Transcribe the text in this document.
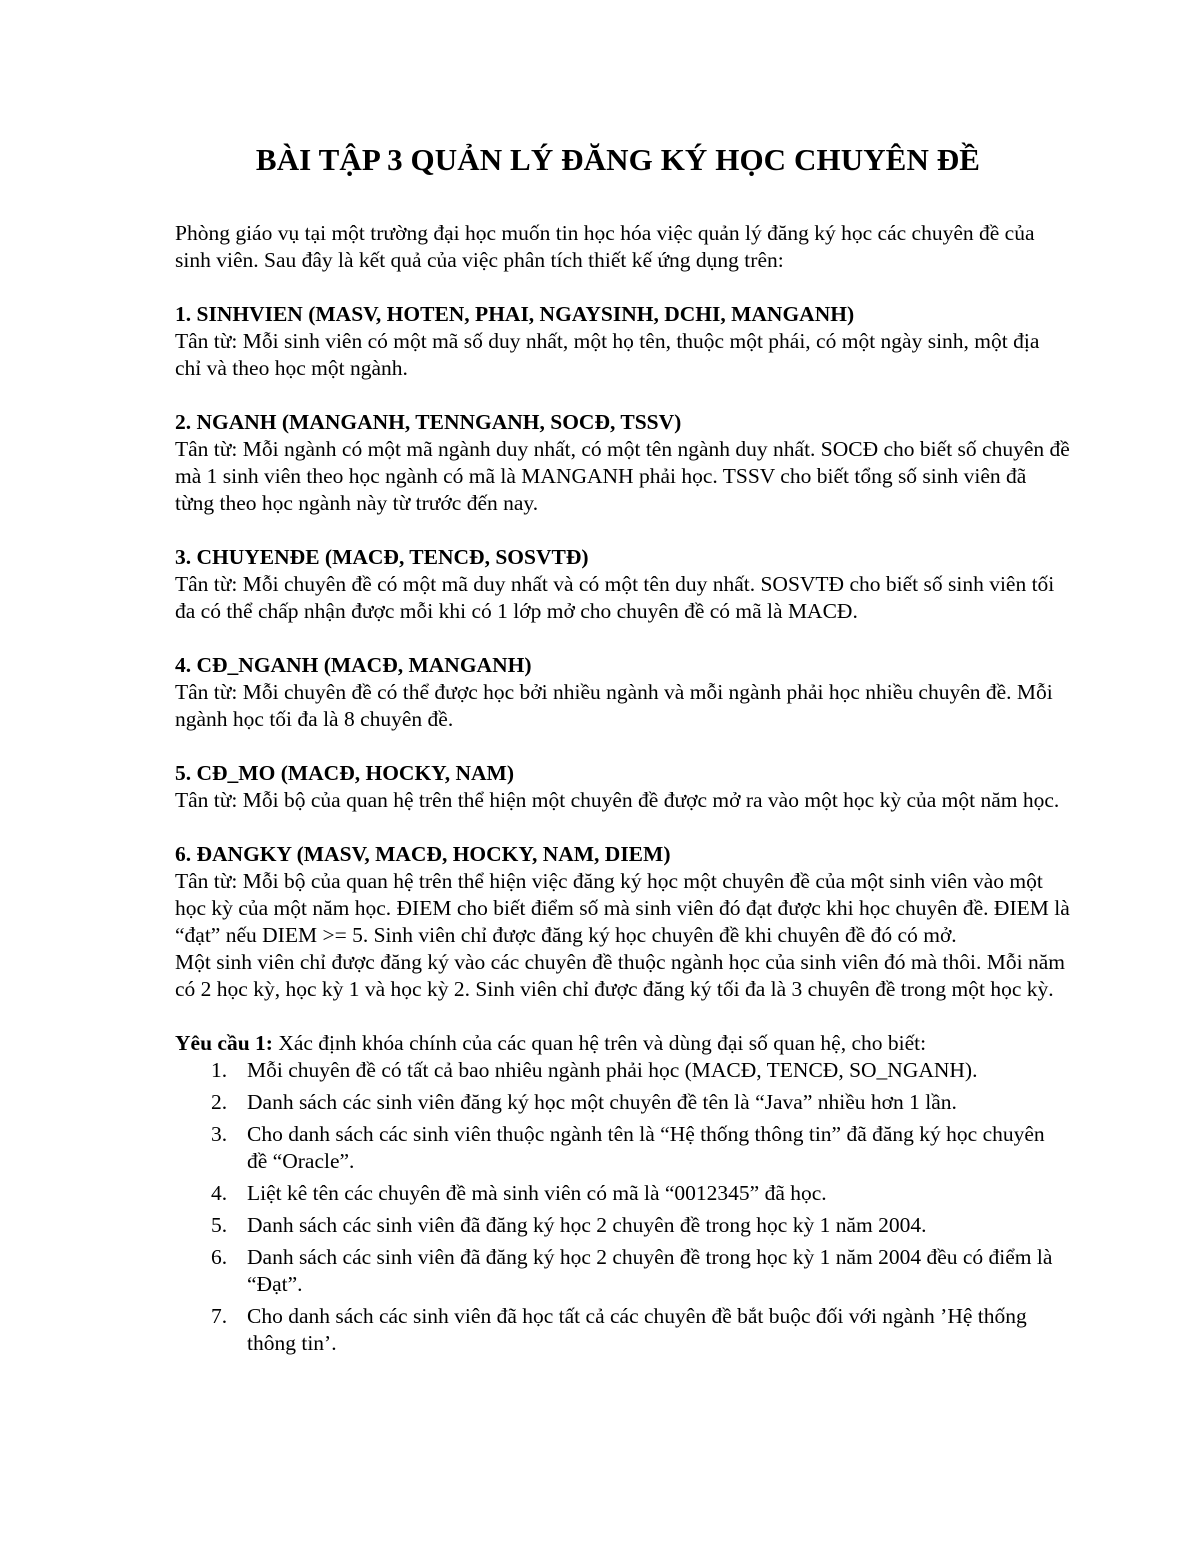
BÀI TẬP 3 QUẢN LÝ ĐĂNG KÝ HỌC CHUYÊN ĐỀ

Phòng giáo vụ tại một trường đại học muốn tin học hóa việc quản lý đăng ký học các chuyên đề của sinh viên. Sau đây là kết quả của việc phân tích thiết kế ứng dụng trên:

1. SINHVIEN (MASV, HOTEN, PHAI, NGAYSINH, DCHI, MANGANH)

Tân từ: Mỗi sinh viên có một mã số duy nhất, một họ tên, thuộc một phái, có một ngày sinh, một địa chỉ và theo học một ngành.

2. NGANH (MANGANH, TENNGANH, SOCĐ, TSSV)

Tân từ: Mỗi ngành có một mã ngành duy nhất, có một tên ngành duy nhất. SOCĐ cho biết số chuyên đề mà 1 sinh viên theo học ngành có mã là MANGANH phải học. TSSV cho biết tổng số sinh viên đã từng theo học ngành này từ trước đến nay.

3. CHUYENĐE (MACĐ, TENCĐ, SOSVTĐ)

Tân từ: Mỗi chuyên đề có một mã duy nhất và có một tên duy nhất. SOSVTĐ cho biết số sinh viên tối đa có thể chấp nhận được mỗi khi có 1 lớp mở cho chuyên đề có mã là MACĐ.

4. CĐ_NGANH (MACĐ, MANGANH)

Tân từ: Mỗi chuyên đề có thể được học bởi nhiều ngành và mỗi ngành phải học nhiều chuyên đề. Mỗi ngành học tối đa là 8 chuyên đề.

5. CĐ_MO (MACĐ, HOCKY, NAM)

Tân từ: Mỗi bộ của quan hệ trên thể hiện một chuyên đề được mở ra vào một học kỳ của một năm học.

6. ĐANGKY (MASV, MACĐ, HOCKY, NAM, DIEM)

Tân từ: Mỗi bộ của quan hệ trên thể hiện việc đăng ký học một chuyên đề của một sinh viên vào một học kỳ của một năm học. ĐIEM cho biết điểm số mà sinh viên đó đạt được khi học chuyên đề. ĐIEM là “đạt” nếu DIEM >= 5. Sinh viên chỉ được đăng ký học chuyên đề khi chuyên đề đó có mở.

Một sinh viên chỉ được đăng ký vào các chuyên đề thuộc ngành học của sinh viên đó mà thôi. Mỗi năm có 2 học kỳ, học kỳ 1 và học kỳ 2. Sinh viên chỉ được đăng ký tối đa là 3 chuyên đề trong một học kỳ.

Yêu cầu 1: Xác định khóa chính của các quan hệ trên và dùng đại số quan hệ, cho biết:

1. Mỗi chuyên đề có tất cả bao nhiêu ngành phải học (MACĐ, TENCĐ, SO_NGANH).
2. Danh sách các sinh viên đăng ký học một chuyên đề tên là “Java” nhiều hơn 1 lần.
3. Cho danh sách các sinh viên thuộc ngành tên là “Hệ thống thông tin” đã đăng ký học chuyên đề “Oracle”.
4. Liệt kê tên các chuyên đề mà sinh viên có mã là “0012345” đã học.
5. Danh sách các sinh viên đã đăng ký học 2 chuyên đề trong học kỳ 1 năm 2004.
6. Danh sách các sinh viên đã đăng ký học 2 chuyên đề trong học kỳ 1 năm 2004 đều có điểm là “Đạt”.
7. Cho danh sách các sinh viên đã học tất cả các chuyên đề bắt buộc đối với ngành ’Hệ thống thông tin’.
